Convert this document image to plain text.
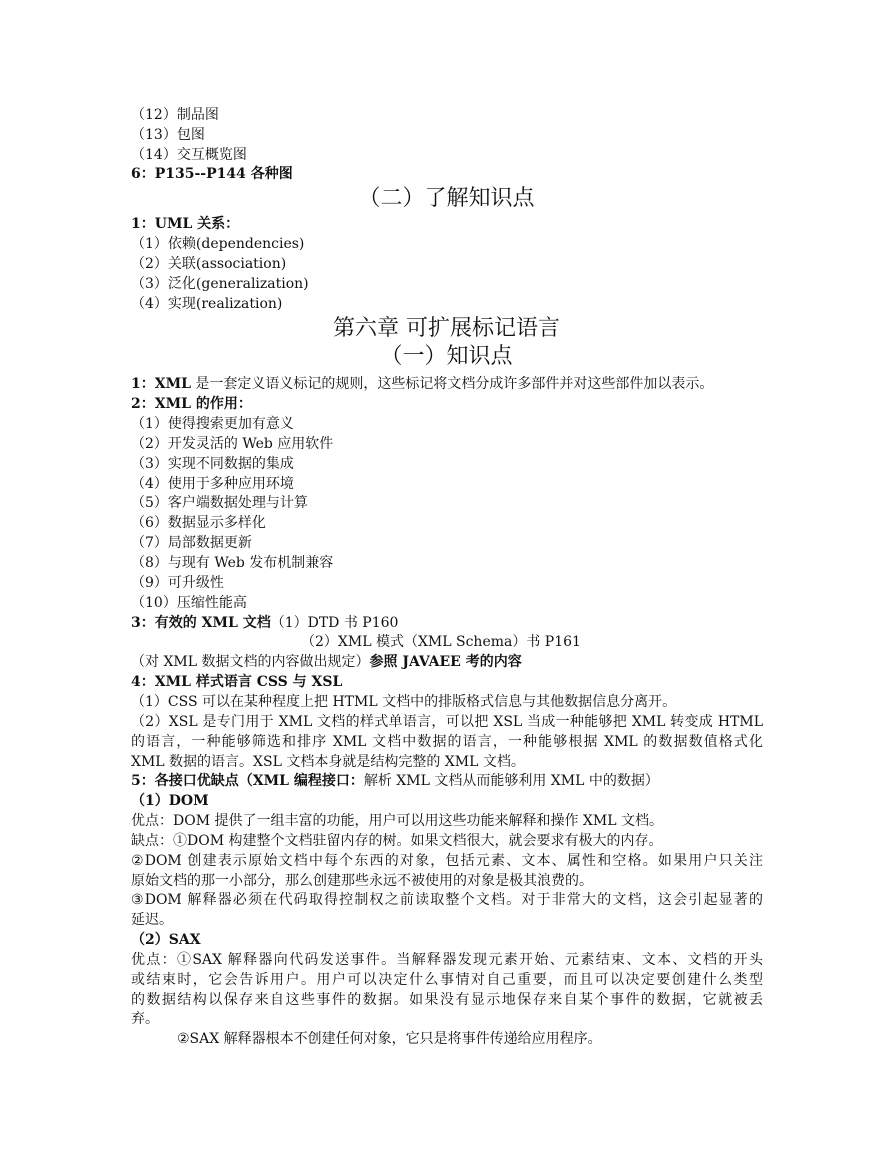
（12）制品图
（13）包图
（14）交互概览图
6：P135--P144 各种图
（二）了解知识点
1：UML 关系：
（1）依赖(dependencies)
（2）关联(association)
（3）泛化(generalization)
（4）实现(realization)
第六章 可扩展标记语言
（一）知识点
1：XML 是一套定义语义标记的规则，这些标记将文档分成许多部件并对这些部件加以表示。
2：XML 的作用：
（1）使得搜索更加有意义
（2）开发灵活的 Web 应用软件
（3）实现不同数据的集成
（4）使用于多种应用环境
（5）客户端数据处理与计算
（6）数据显示多样化
（7）局部数据更新
（8）与现有 Web 发布机制兼容
（9）可升级性
（10）压缩性能高
3：有效的 XML 文档（1）DTD 书 P160
（2）XML 模式（XML Schema）书 P161
（对 XML 数据文档的内容做出规定）参照 JAVAEE 考的内容
4：XML 样式语言 CSS 与 XSL
（1）CSS 可以在某种程度上把 HTML 文档中的排版格式信息与其他数据信息分离开。
（2）XSL 是专门用于 XML 文档的样式单语言，可以把 XSL 当成一种能够把 XML 转变成 HTML
的语言，一种能够筛选和排序 XML 文档中数据的语言，一种能够根据 XML 的数据数值格式化
XML 数据的语言。XSL 文档本身就是结构完整的 XML 文档。
5：各接口优缺点（XML 编程接口：解析 XML 文档从而能够利用 XML 中的数据）
（1）DOM
优点：DOM 提供了一组丰富的功能，用户可以用这些功能来解释和操作 XML 文档。
缺点：①DOM 构建整个文档驻留内存的树。如果文档很大，就会要求有极大的内存。
②DOM 创建表示原始文档中每个东西的对象，包括元素、文本、属性和空格。如果用户只关注
原始文档的那一小部分，那么创建那些永远不被使用的对象是极其浪费的。
③DOM 解释器必须在代码取得控制权之前读取整个文档。对于非常大的文档，这会引起显著的
延迟。
（2）SAX
优点：①SAX 解释器向代码发送事件。当解释器发现元素开始、元素结束、文本、文档的开头
或结束时，它会告诉用户。用户可以决定什么事情对自己重要，而且可以决定要创建什么类型
的数据结构以保存来自这些事件的数据。如果没有显示地保存来自某个事件的数据，它就被丢
弃。
②SAX 解释器根本不创建任何对象，它只是将事件传递给应用程序。
